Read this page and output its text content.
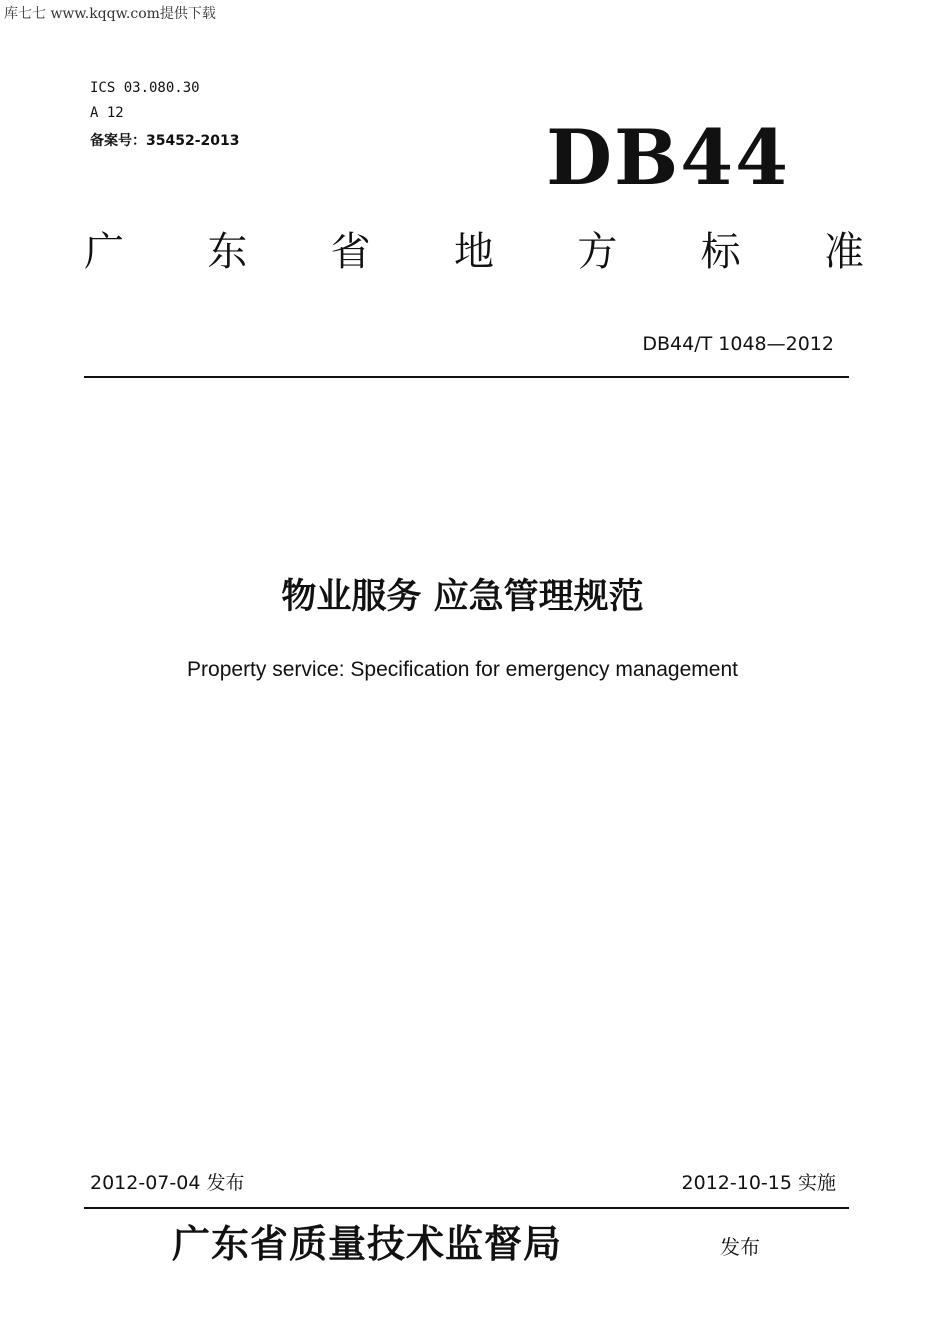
库七七 www.kqqw.com提供下载
ICS 03.080.30
A 12
备案号：35452-2013	DB44
广 东 省 地 方 标 准
DB44/T 1048—2012
物业服务 应急管理规范
Property service: Specification for emergency management
2012-07-04 发布	2012-10-15 实施
广东省质量技术监督局	发布
